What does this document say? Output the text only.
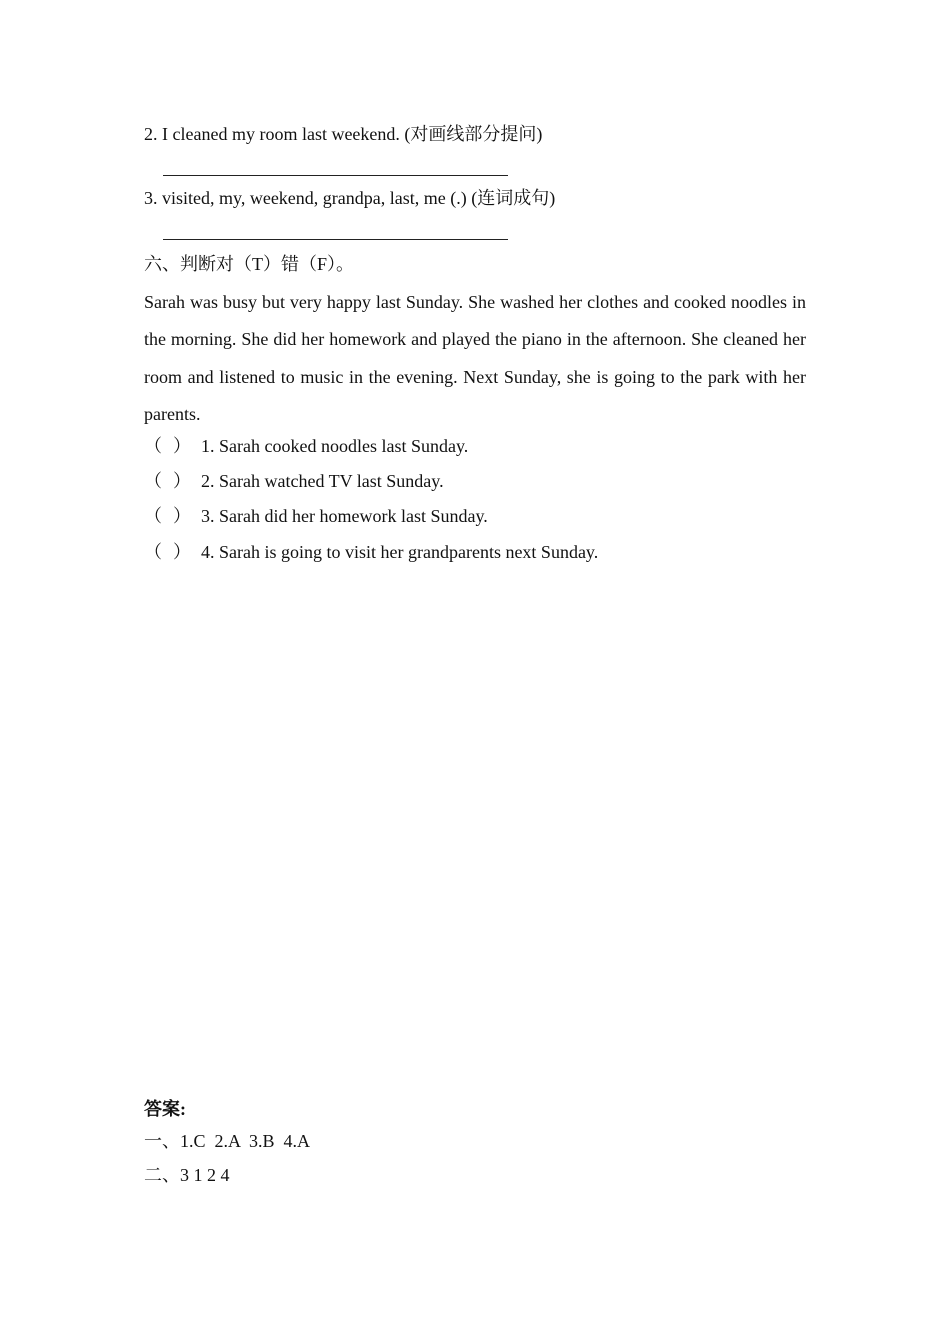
2. I cleaned my room last weekend. (对画线部分提问)
3. visited, my, weekend, grandpa, last, me (.) (连词成句)
六、判断对（T）错（F）。
Sarah was busy but very happy last Sunday. She washed her clothes and cooked noodles in the morning. She did her homework and played the piano in the afternoon. She cleaned her room and listened to music in the evening. Next Sunday, she is going to the park with her parents.
（ ） 1. Sarah cooked noodles last Sunday.
（ ） 2. Sarah watched TV last Sunday.
（ ） 3. Sarah did her homework last Sunday.
（ ） 4. Sarah is going to visit her grandparents next Sunday.
答案:
一、1.C  2.A  3.B  4.A
二、3 1 2 4
